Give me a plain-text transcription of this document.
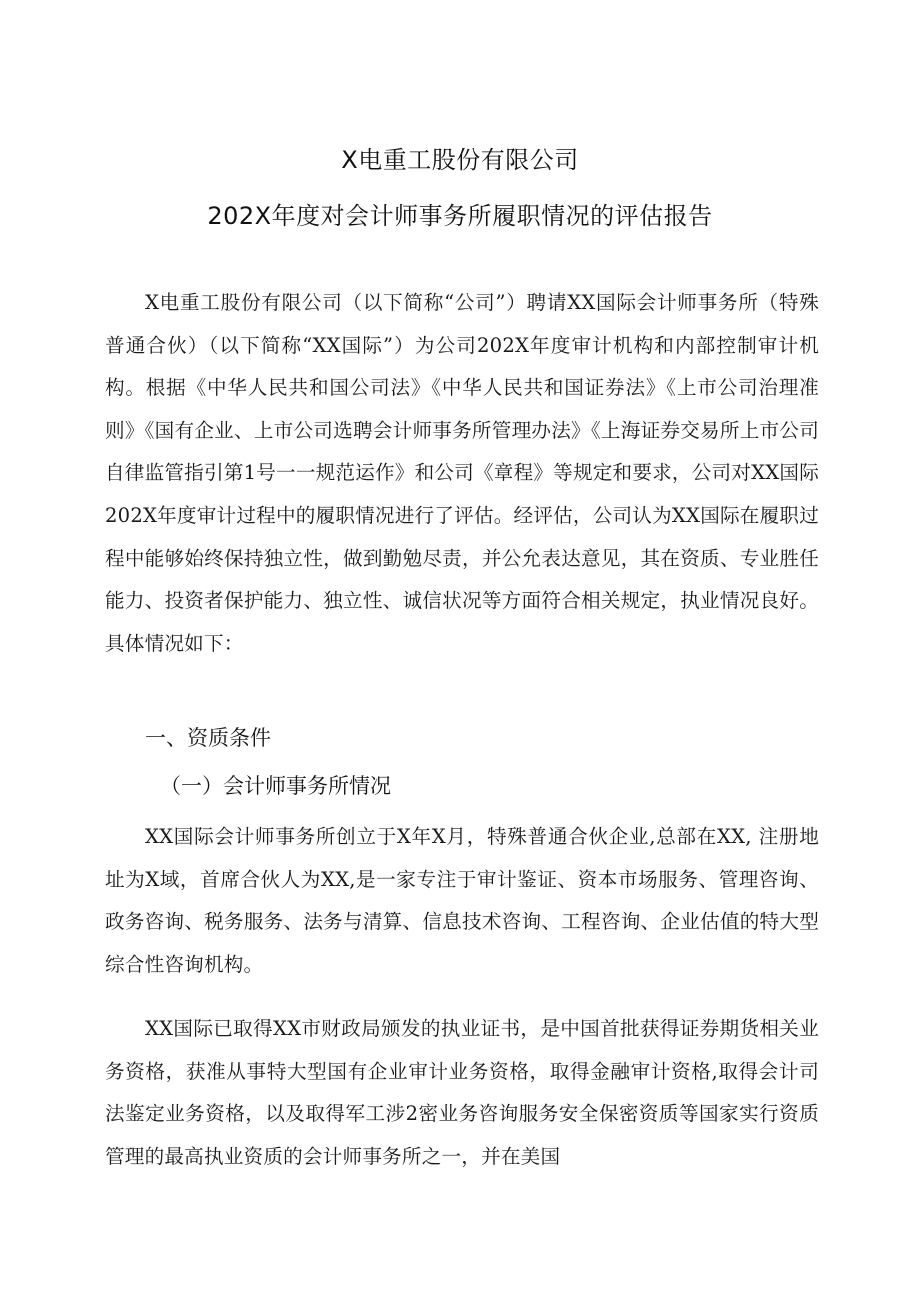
X电重工股份有限公司
202X年度对会计师事务所履职情况的评估报告

X电重工股份有限公司（以下简称“公司”）聘请XX国际会计师事务所（特殊普通合伙）（以下简称“XX国际”）为公司202X年度审计机构和内部控制审计机构。根据《中华人民共和国公司法》《中华人民共和国证券法》《上市公司治理准则》《国有企业、上市公司选聘会计师事务所管理办法》《上海证券交易所上市公司自律监管指引第1号一一规范运作》和公司《章程》等规定和要求，公司对XX国际202X年度审计过程中的履职情况进行了评估。经评估，公司认为XX国际在履职过程中能够始终保持独立性，做到勤勉尽责，并公允表达意见，其在资质、专业胜任能力、投资者保护能力、独立性、诚信状况等方面符合相关规定，执业情况良好。具体情况如下：

一、资质条件
（一）会计师事务所情况

XX国际会计师事务所创立于X年X月，特殊普通合伙企业,总部在XX, 注册地址为X域，首席合伙人为XX,是一家专注于审计鉴证、资本市场服务、管理咨询、政务咨询、税务服务、法务与清算、信息技术咨询、工程咨询、企业估值的特大型综合性咨询机构。

XX国际已取得XX市财政局颁发的执业证书，是中国首批获得证券期货相关业务资格，获准从事特大型国有企业审计业务资格，取得金融审计资格,取得会计司法鉴定业务资格，以及取得军工涉2密业务咨询服务安全保密资质等国家实行资质管理的最高执业资质的会计师事务所之一，并在美国
